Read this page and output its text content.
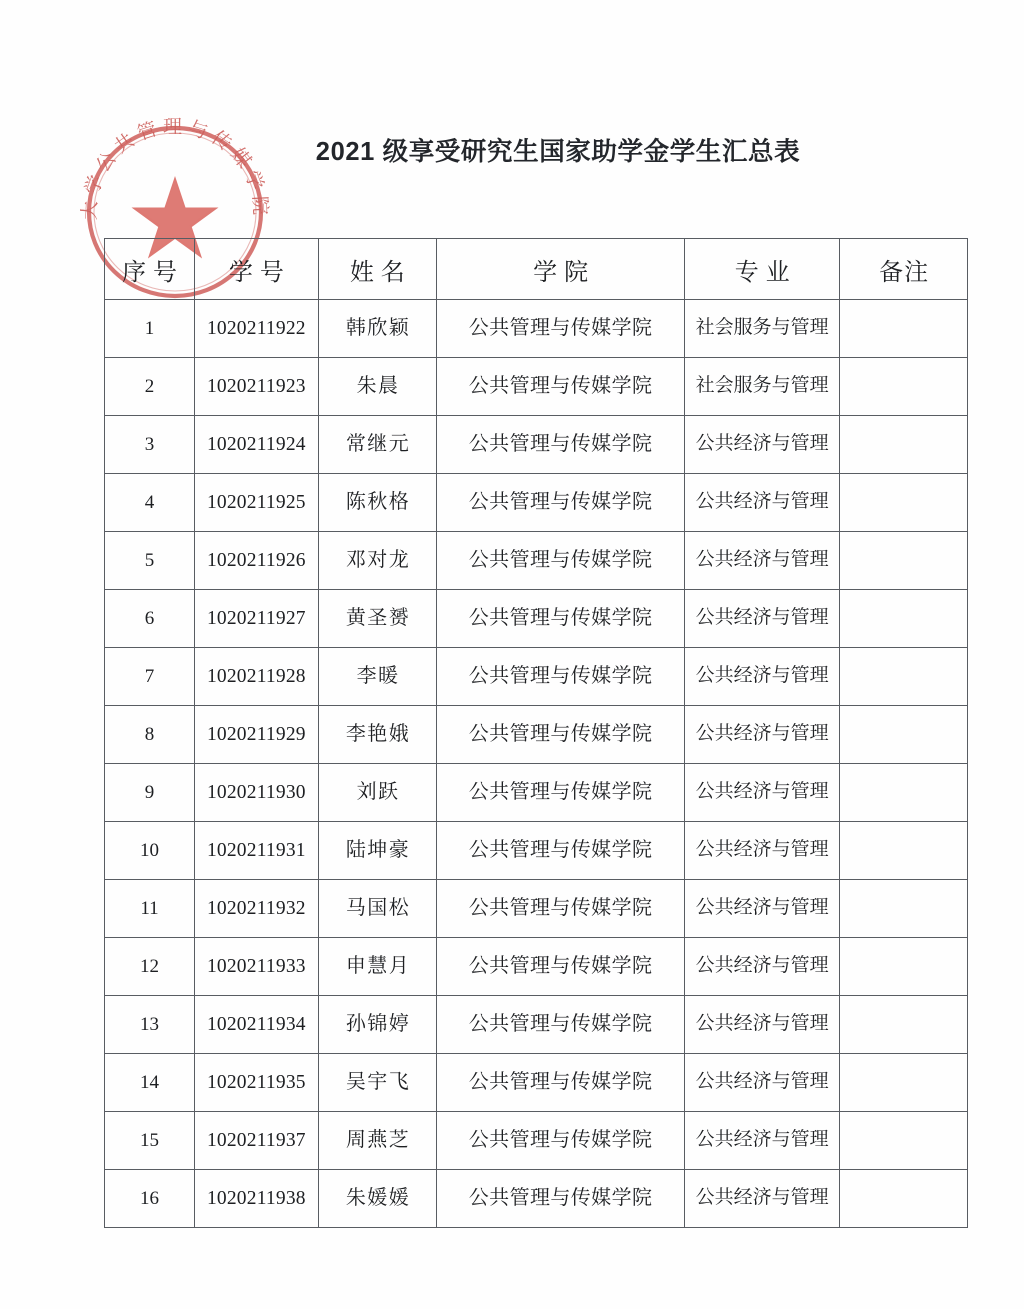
大学公共管理与传媒学院
2021 级享受研究生国家助学金学生汇总表
序号	学号	姓名	学院	专业	备注
1	1020211922	韩欣颖	公共管理与传媒学院	社会服务与管理	
2	1020211923	朱晨	公共管理与传媒学院	社会服务与管理	
3	1020211924	常继元	公共管理与传媒学院	公共经济与管理	
4	1020211925	陈秋格	公共管理与传媒学院	公共经济与管理	
5	1020211926	邓对龙	公共管理与传媒学院	公共经济与管理	
6	1020211927	黄圣赟	公共管理与传媒学院	公共经济与管理	
7	1020211928	李暖	公共管理与传媒学院	公共经济与管理	
8	1020211929	李艳娥	公共管理与传媒学院	公共经济与管理	
9	1020211930	刘跃	公共管理与传媒学院	公共经济与管理	
10	1020211931	陆坤豪	公共管理与传媒学院	公共经济与管理	
11	1020211932	马国松	公共管理与传媒学院	公共经济与管理	
12	1020211933	申慧月	公共管理与传媒学院	公共经济与管理	
13	1020211934	孙锦婷	公共管理与传媒学院	公共经济与管理	
14	1020211935	吴宇飞	公共管理与传媒学院	公共经济与管理	
15	1020211937	周燕芝	公共管理与传媒学院	公共经济与管理	
16	1020211938	朱媛媛	公共管理与传媒学院	公共经济与管理	
